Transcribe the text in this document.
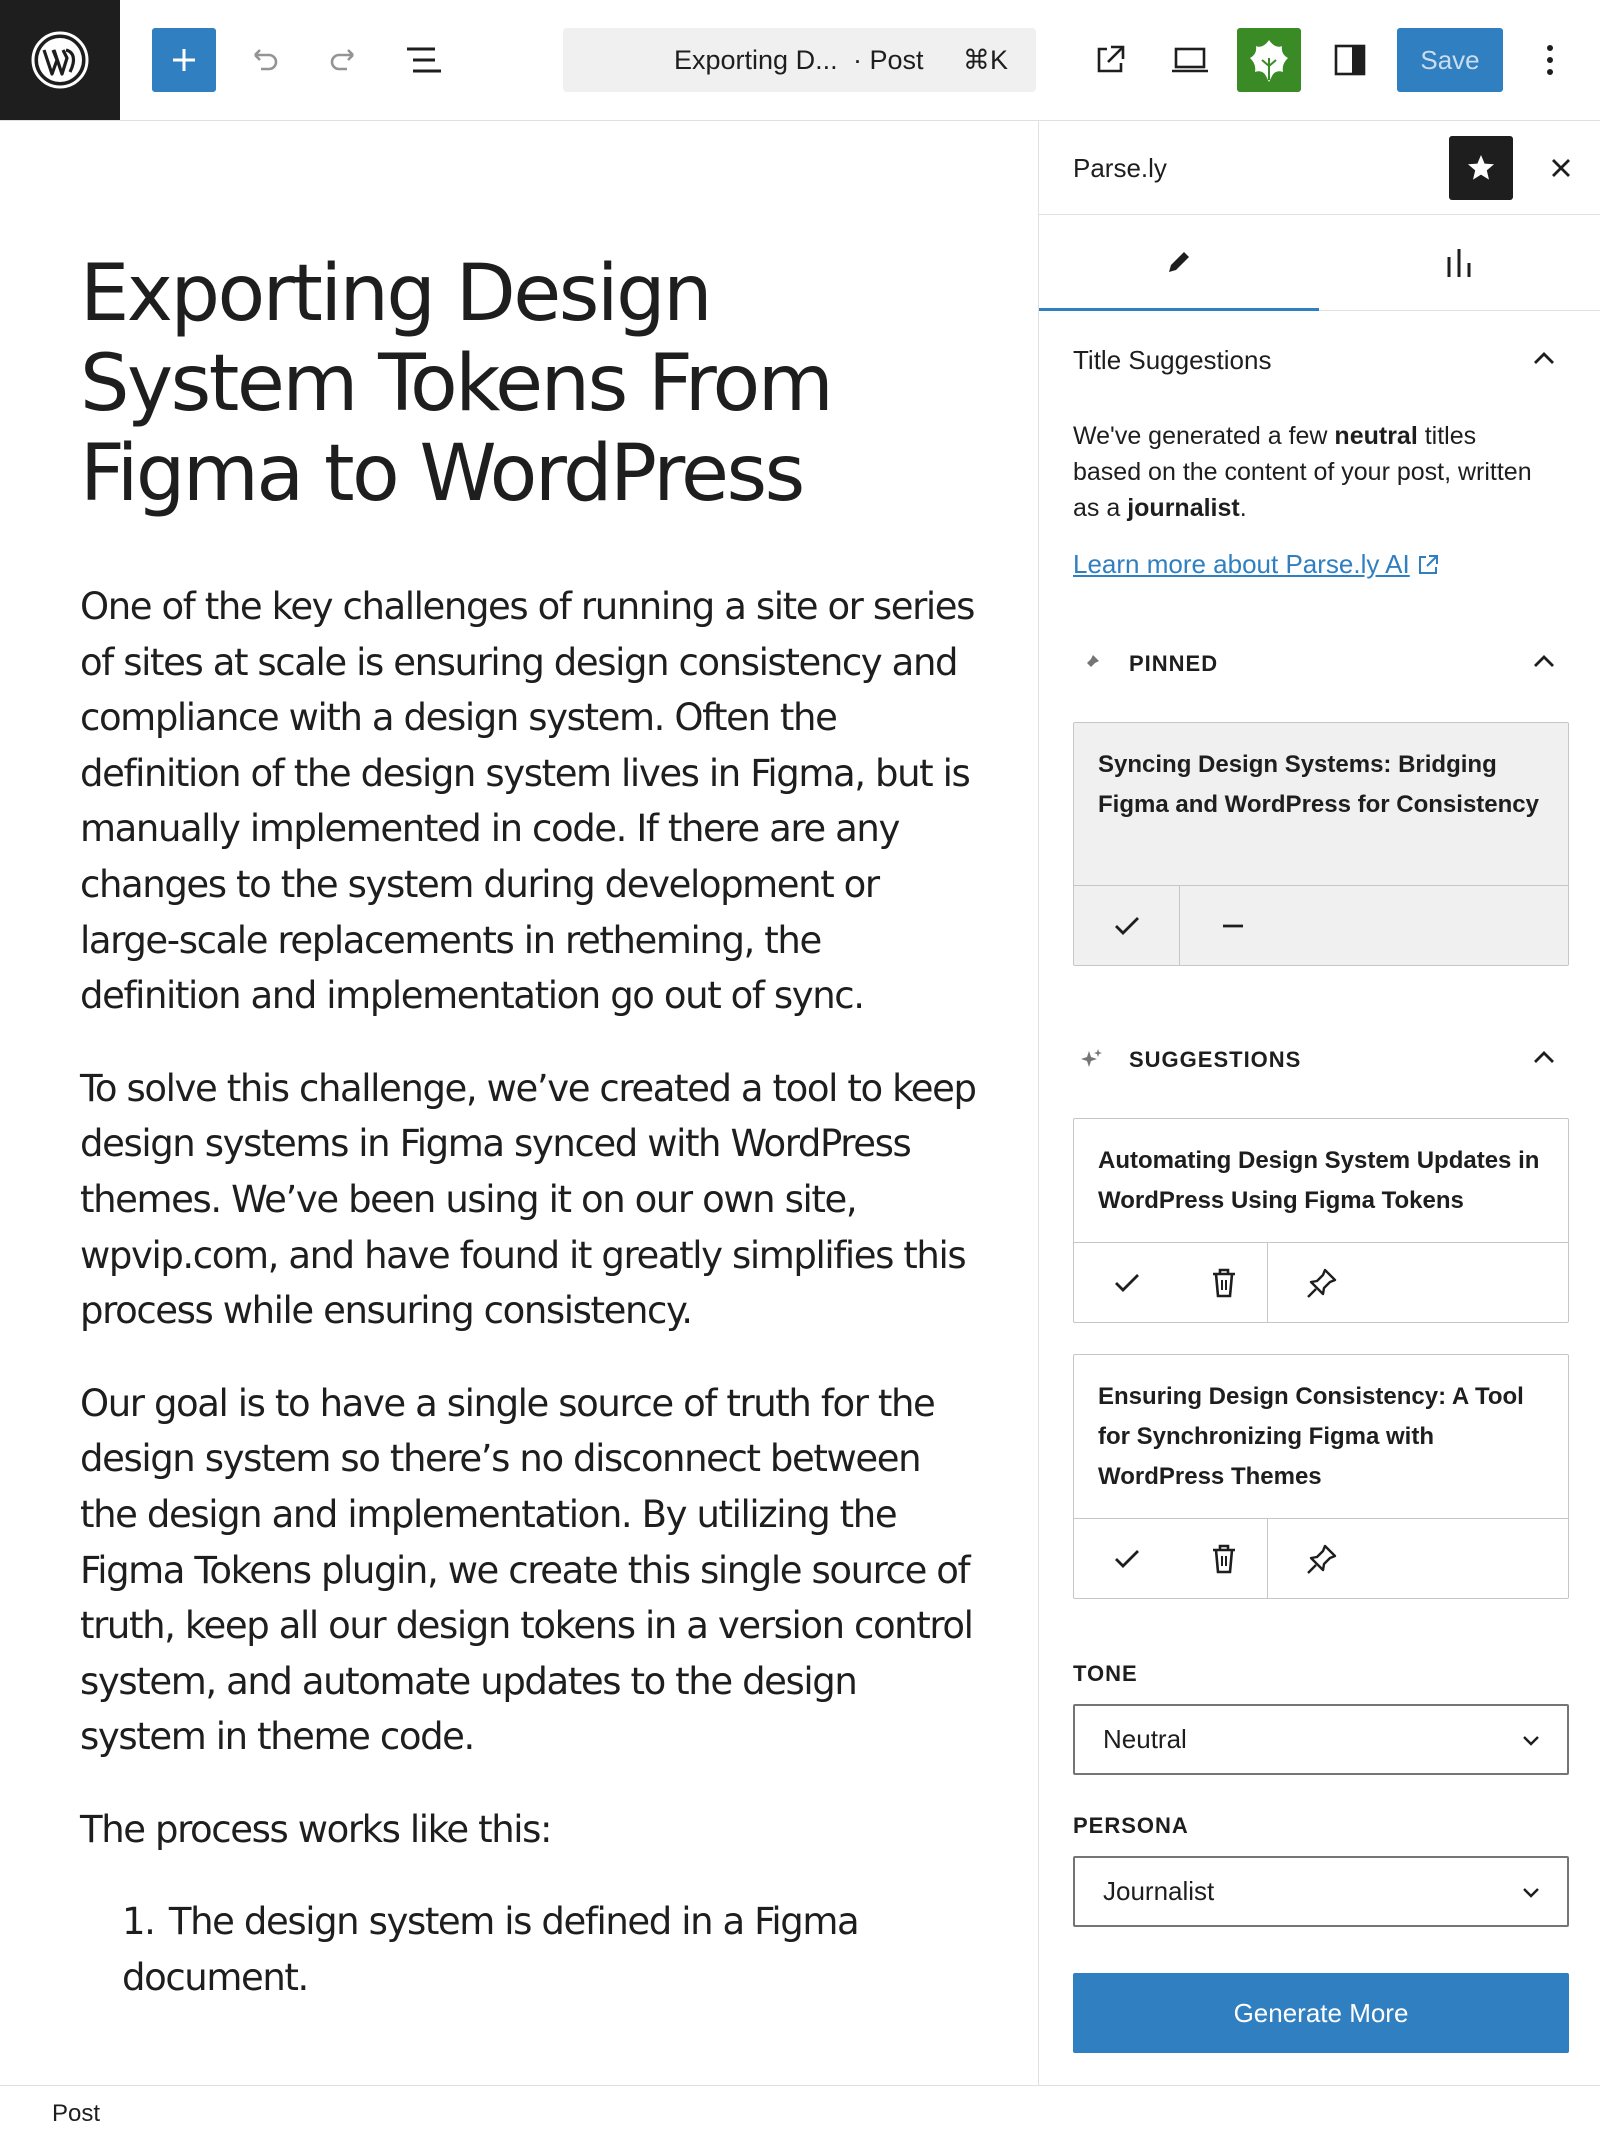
Exporting D... · Post ⌘K	Save
Exporting Design System Tokens From Figma to WordPress

One of the key challenges of running a site or series of sites at scale is ensuring design consistency and compliance with a design system. Often the definition of the design system lives in Figma, but is manually implemented in code. If there are any changes to the system during development or large-scale replacements in retheming, the definition and implementation go out of sync.

To solve this challenge, we’ve created a tool to keep design systems in Figma synced with WordPress themes. We’ve been using it on our own site, wpvip.com, and have found it greatly simplifies this process while ensuring consistency.

Our goal is to have a single source of truth for the design system so there’s no disconnect between the design and implementation. By utilizing the Figma Tokens plugin, we create this single source of truth, keep all our design tokens in a version control system, and automate updates to the design system in theme code.

The process works like this:

1. The design system is defined in a Figma document.
Parse.ly
Title Suggestions

We've generated a few neutral titles based on the content of your post, written as a journalist.

Learn more about Parse.ly AI
PINNED
Syncing Design Systems: Bridging Figma and WordPress for Consistency
SUGGESTIONS
Automating Design System Updates in WordPress Using Figma Tokens
Ensuring Design Consistency: A Tool for Synchronizing Figma with WordPress Themes
TONE
Neutral
PERSONA
Journalist
Generate More
Post
